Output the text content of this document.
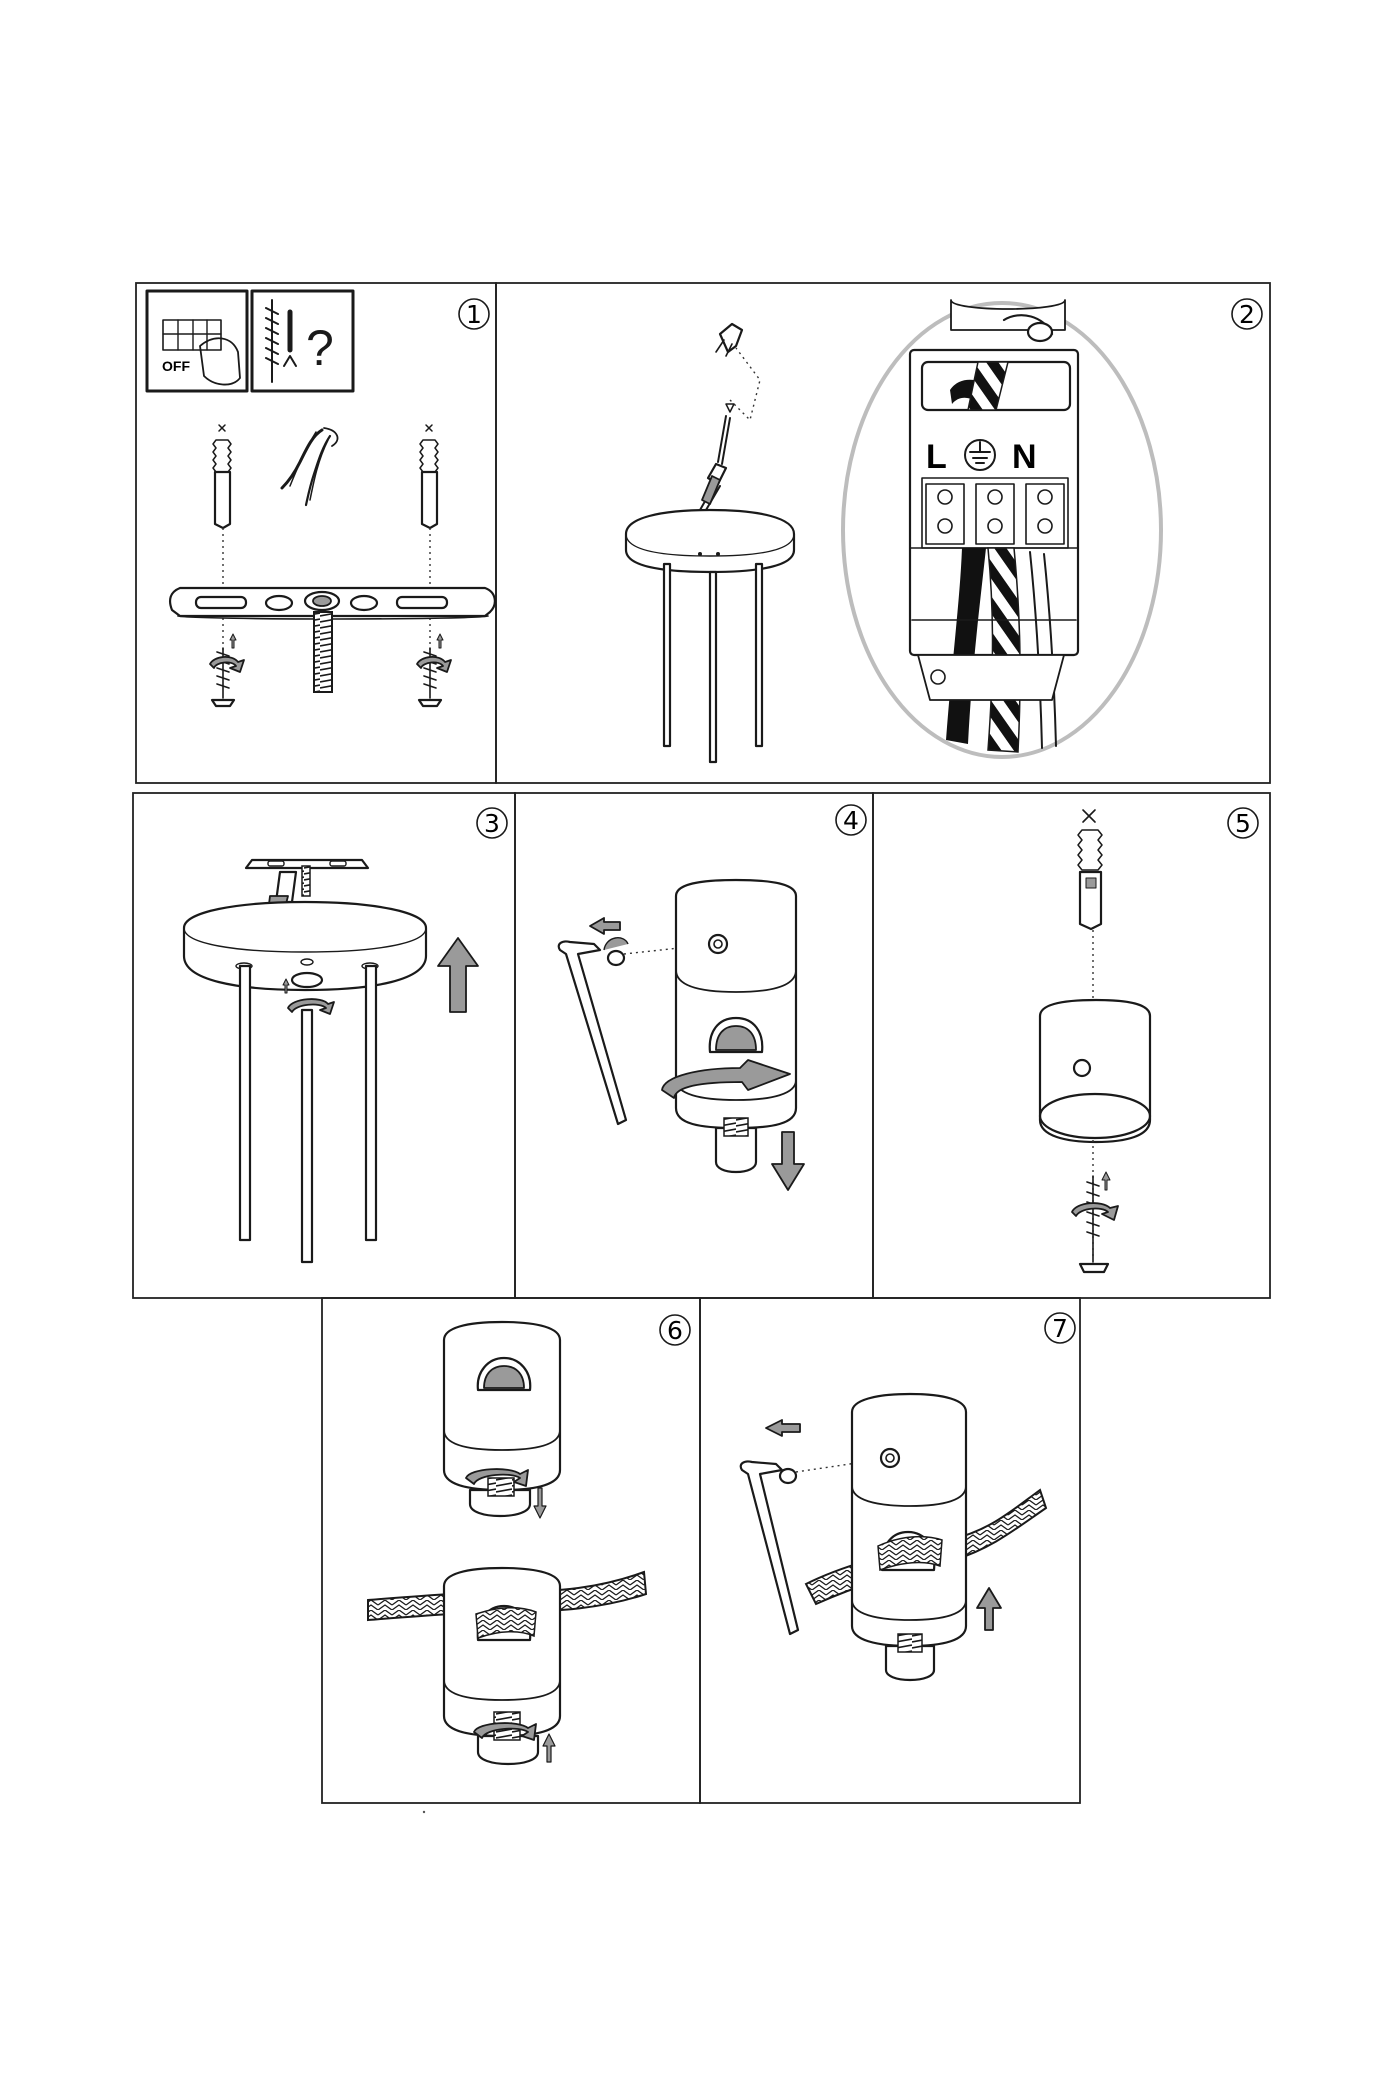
1	2
3	4	5
6	7
OFF ?
L N
